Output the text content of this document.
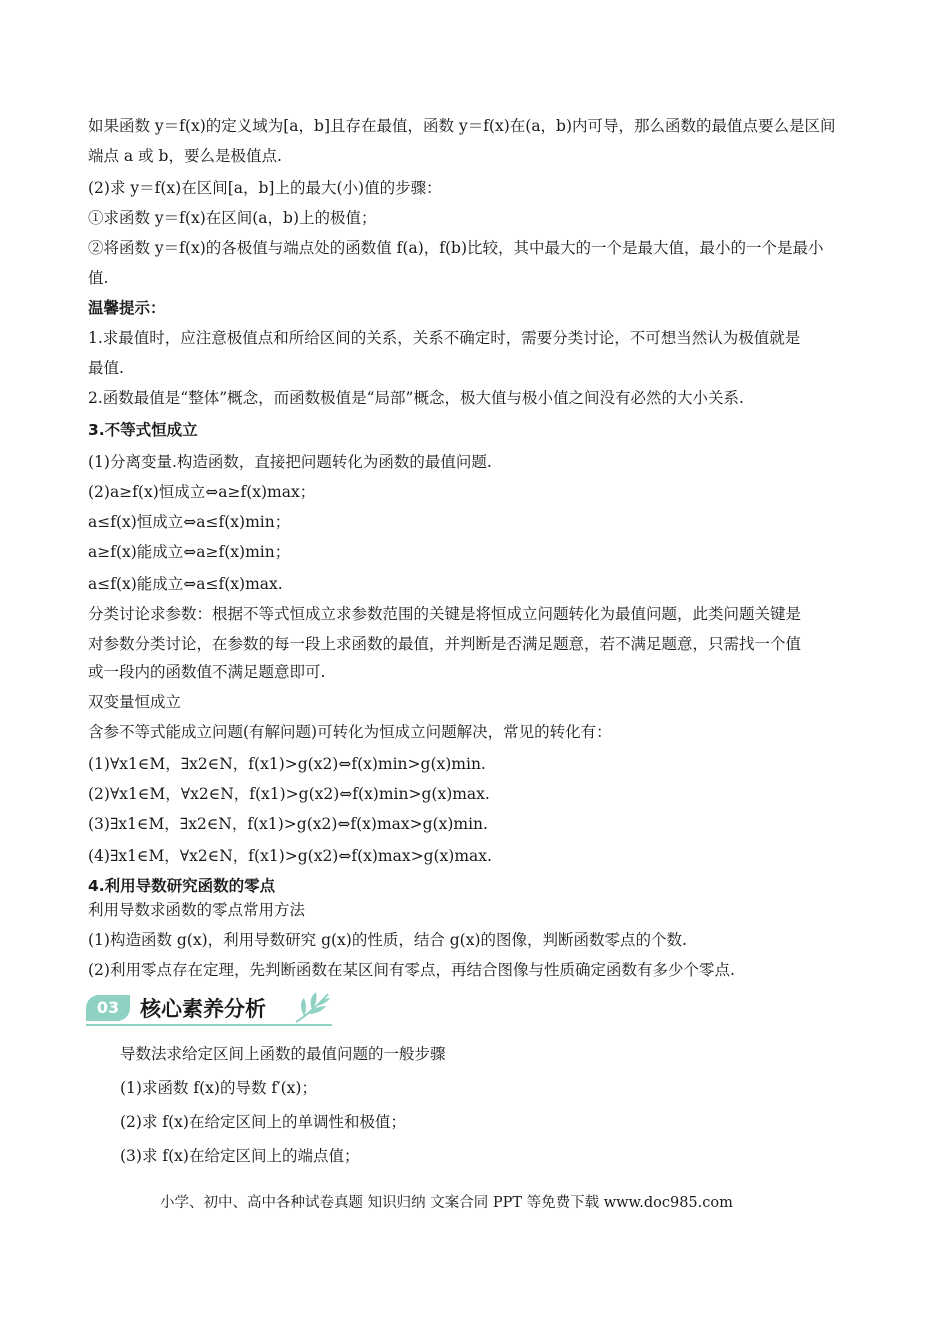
如果函数 y＝f(x)的定义域为[a，b]且存在最值，函数 y＝f(x)在(a，b)内可导，那么函数的最值点要么是区间
端点 a 或 b，要么是极值点.
(2)求 y＝f(x)在区间[a，b]上的最大(小)值的步骤：
①求函数 y＝f(x)在区间(a，b)上的极值；
②将函数 y＝f(x)的各极值与端点处的函数值 f(a)，f(b)比较，其中最大的一个是最大值，最小的一个是最小
值.
温馨提示：
1.求最值时，应注意极值点和所给区间的关系，关系不确定时，需要分类讨论，不可想当然认为极值就是
最值.
2.函数最值是“整体”概念，而函数极值是“局部”概念，极大值与极小值之间没有必然的大小关系.
3.不等式恒成立
(1)分离变量.构造函数，直接把问题转化为函数的最值问题.
(2)a≥f(x)恒成立⇔a≥f(x)max；
a≤f(x)恒成立⇔a≤f(x)min；
a≥f(x)能成立⇔a≥f(x)min；
a≤f(x)能成立⇔a≤f(x)max.
分类讨论求参数：根据不等式恒成立求参数范围的关键是将恒成立问题转化为最值问题，此类问题关键是
对参数分类讨论，在参数的每一段上求函数的最值，并判断是否满足题意，若不满足题意，只需找一个值
或一段内的函数值不满足题意即可.
双变量恒成立
含参不等式能成立问题(有解问题)可转化为恒成立问题解决，常见的转化有：
(1)∀x1∈M，∃x2∈N，f(x1)>g(x2)⇔f(x)min>g(x)min.
(2)∀x1∈M，∀x2∈N，f(x1)>g(x2)⇔f(x)min>g(x)max.
(3)∃x1∈M，∃x2∈N，f(x1)>g(x2)⇔f(x)max>g(x)min.
(4)∃x1∈M，∀x2∈N，f(x1)>g(x2)⇔f(x)max>g(x)max.
4.利用导数研究函数的零点
利用导数求函数的零点常用方法
(1)构造函数 g(x)，利用导数研究 g(x)的性质，结合 g(x)的图像，判断函数零点的个数.
(2)利用零点存在定理，先判断函数在某区间有零点，再结合图像与性质确定函数有多少个零点.
03 核心素养分析
导数法求给定区间上函数的最值问题的一般步骤
(1)求函数 f(x)的导数 f′(x)；
(2)求 f(x)在给定区间上的单调性和极值；
(3)求 f(x)在给定区间上的端点值；
小学、初中、高中各种试卷真题 知识归纳 文案合同 PPT 等免费下载 www.doc985.com
